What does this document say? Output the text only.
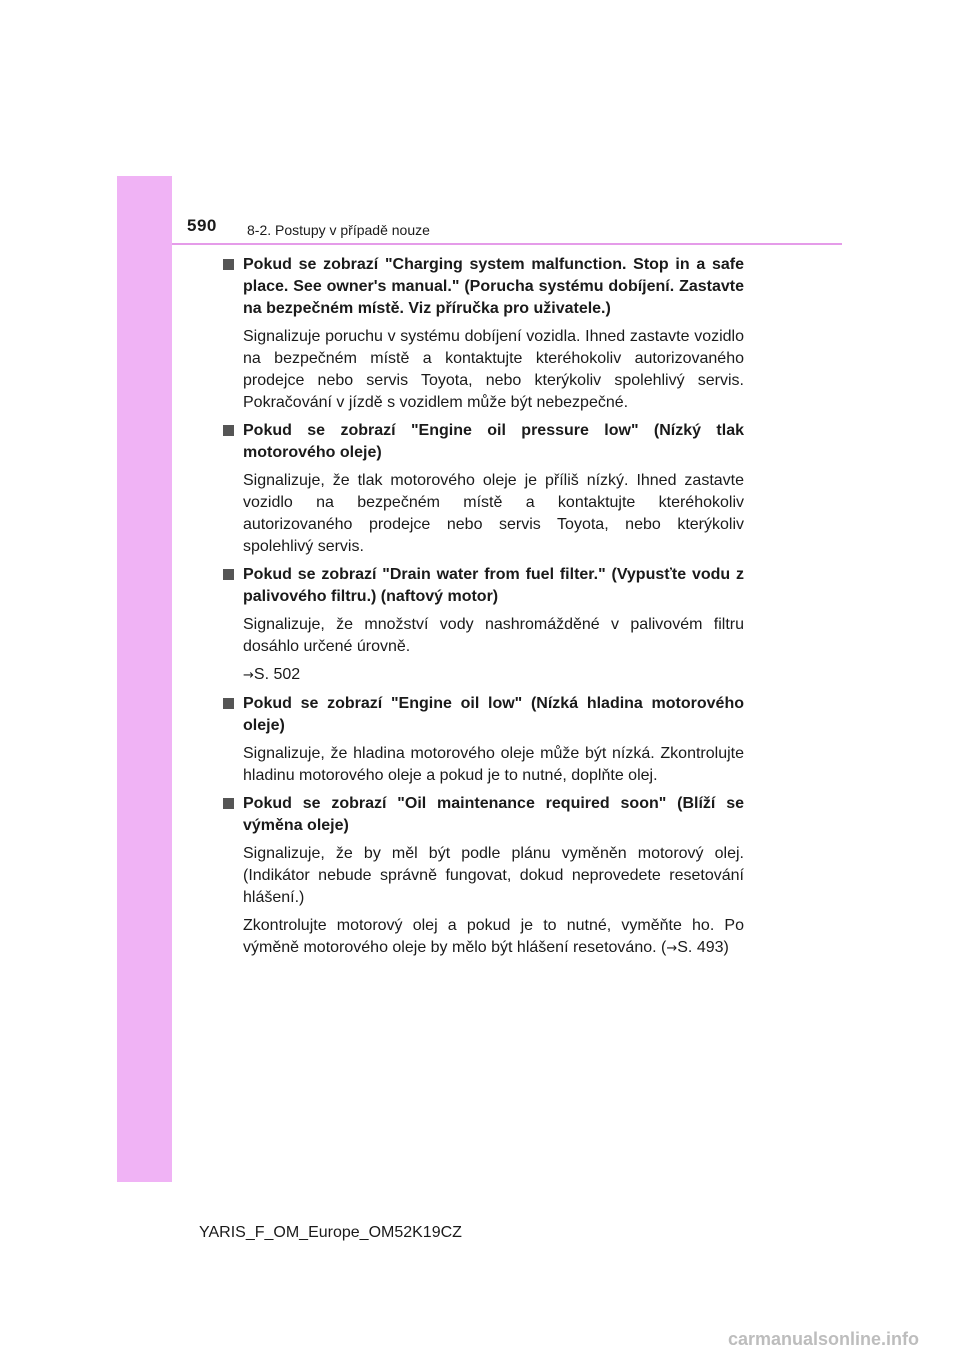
590 8-2. Postupy v případě nouze
Pokud se zobrazí "Charging system malfunction. Stop in a safe place. See owner's manual." (Porucha systému dobíjení. Zastavte na bezpečném místě. Viz příručka pro uživatele.)

Signalizuje poruchu v systému dobíjení vozidla. Ihned zastavte vozidlo na bezpečném místě a kontaktujte kteréhokoliv autorizovaného prodejce nebo servis Toyota, nebo kterýkoliv spolehlivý servis. Pokračování v jízdě s vozidlem může být nebezpečné.

Pokud se zobrazí "Engine oil pressure low" (Nízký tlak motorového oleje)

Signalizuje, že tlak motorového oleje je příliš nízký. Ihned zastavte vozidlo na bezpečném místě a kontaktujte kteréhokoliv autorizovaného prodejce nebo servis Toyota, nebo kterýkoliv spolehlivý servis.

Pokud se zobrazí "Drain water from fuel filter." (Vypusťte vodu z palivového filtru.) (naftový motor)

Signalizuje, že množství vody nashromážděné v palivovém filtru dosáhlo určené úrovně.

→S. 502

Pokud se zobrazí "Engine oil low" (Nízká hladina motorového oleje)

Signalizuje, že hladina motorového oleje může být nízká. Zkontrolujte hladinu motorového oleje a pokud je to nutné, doplňte olej.

Pokud se zobrazí "Oil maintenance required soon" (Blíží se výměna oleje)

Signalizuje, že by měl být podle plánu vyměněn motorový olej. (Indikátor nebude správně fungovat, dokud neprovedete resetování hlášení.)

Zkontrolujte motorový olej a pokud je to nutné, vyměňte ho. Po výměně motorového oleje by mělo být hlášení resetováno. (→S. 493)

YARIS_F_OM_Europe_OM52K19CZ
carmanualsonline.info
